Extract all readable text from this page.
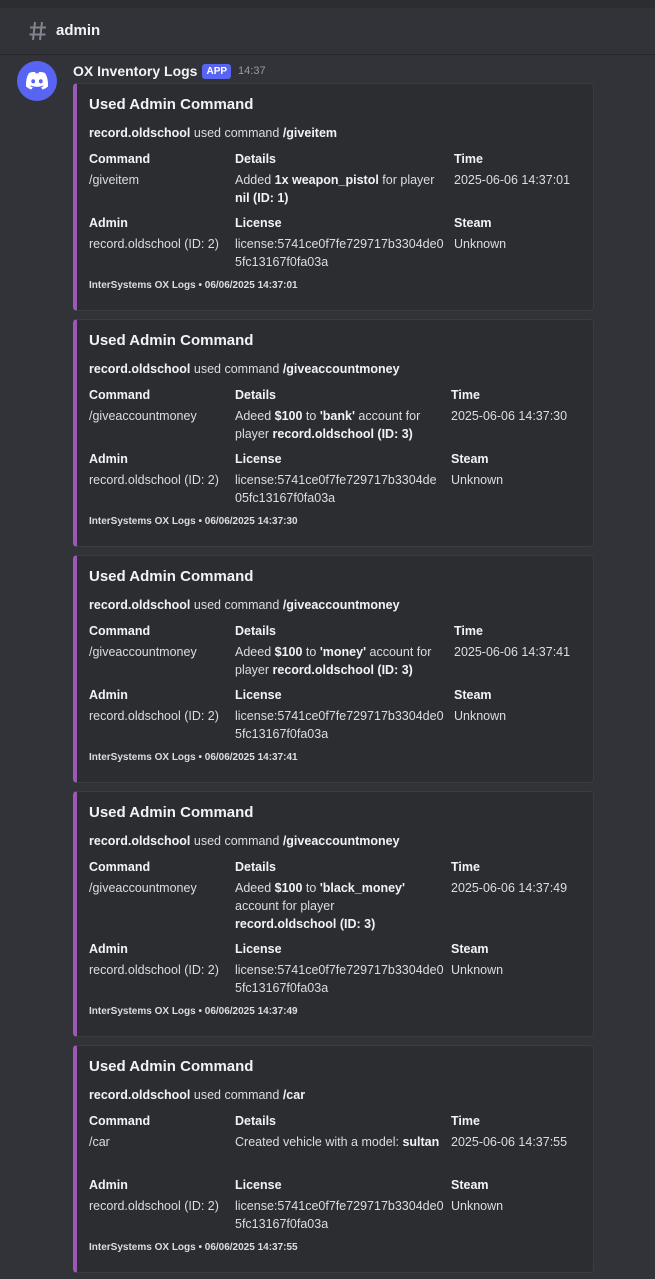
admin
OX Inventory Logs APP	14:37
Used Admin Command
record.oldschool used command /giveitem
Command
/giveitem
Details
Added 1x weapon_pistol for player nil (ID: 1)
Time
2025-06-06 14:37:01
Admin
record.oldschool (ID: 2)
License
license:5741ce0f7fe729717b3304de05fc13167f0fa03a
Steam
Unknown
InterSystems OX Logs • 06/06/2025 14:37:01
Used Admin Command
record.oldschool used command /giveaccountmoney
Command
/giveaccountmoney
Details
Adeed $100 to 'bank' account for player record.oldschool (ID: 3)
Time
2025-06-06 14:37:30
Admin
record.oldschool (ID: 2)
License
license:5741ce0f7fe729717b3304de05fc13167f0fa03a
Steam
Unknown
InterSystems OX Logs • 06/06/2025 14:37:30
Used Admin Command
record.oldschool used command /giveaccountmoney
Command
/giveaccountmoney
Details
Adeed $100 to 'money' account for player record.oldschool (ID: 3)
Time
2025-06-06 14:37:41
Admin
record.oldschool (ID: 2)
License
license:5741ce0f7fe729717b3304de05fc13167f0fa03a
Steam
Unknown
InterSystems OX Logs • 06/06/2025 14:37:41
Used Admin Command
record.oldschool used command /giveaccountmoney
Command
/giveaccountmoney
Details
Adeed $100 to 'black_money' account for player record.oldschool (ID: 3)
Time
2025-06-06 14:37:49
Admin
record.oldschool (ID: 2)
License
license:5741ce0f7fe729717b3304de05fc13167f0fa03a
Steam
Unknown
InterSystems OX Logs • 06/06/2025 14:37:49
Used Admin Command
record.oldschool used command /car
Command
/car
Details
Created vehicle with a model: sultan
Time
2025-06-06 14:37:55
Admin
record.oldschool (ID: 2)
License
license:5741ce0f7fe729717b3304de05fc13167f0fa03a
Steam
Unknown
InterSystems OX Logs • 06/06/2025 14:37:55
